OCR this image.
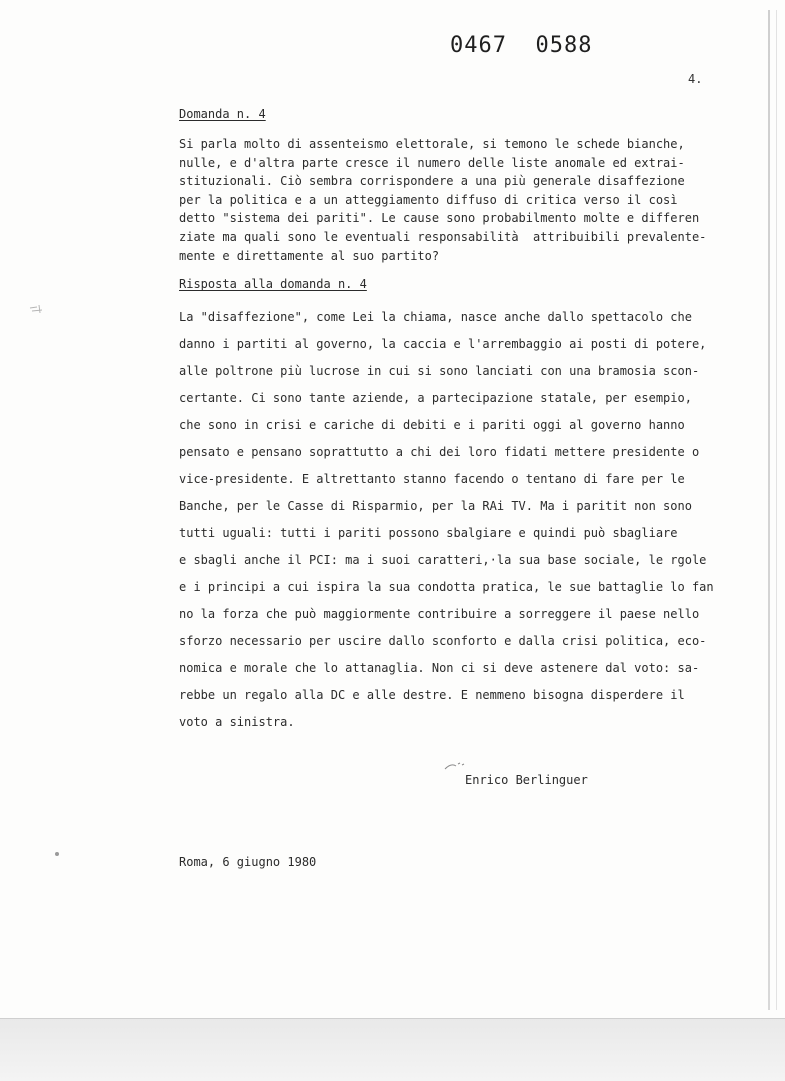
0467  0588
4.
Domanda n. 4
Si parla molto di assenteismo elettorale, si temono le schede bianche,
nulle, e d'altra parte cresce il numero delle liste anomale ed extrai-
stituzionali. Ciò sembra corrispondere a una più generale disaffezione
per la politica e a un atteggiamento diffuso di critica verso il così
detto "sistema dei pariti". Le cause sono probabilmento molte e differen
ziate ma quali sono le eventuali responsabilità  attribuibili prevalente-
mente e direttamente al suo partito?
Risposta alla domanda n. 4
La "disaffezione", come Lei la chiama, nasce anche dallo spettacolo che
danno i partiti al governo, la caccia e l'arrembaggio ai posti di potere,
alle poltrone più lucrose in cui si sono lanciati con una bramosia scon-
certante. Ci sono tante aziende, a partecipazione statale, per esempio,
che sono in crisi e cariche di debiti e i pariti oggi al governo hanno
pensato e pensano soprattutto a chi dei loro fidati mettere presidente o
vice-presidente. E altrettanto stanno facendo o tentano di fare per le
Banche, per le Casse di Risparmio, per la RAi TV. Ma i paritit non sono
tutti uguali: tutti i pariti possono sbalgiare e quindi può sbagliare
e sbagli anche il PCI: ma i suoi caratteri,·la sua base sociale, le rgole
e i principi a cui ispira la sua condotta pratica, le sue battaglie lo fan
no la forza che può maggiormente contribuire a sorreggere il paese nello
sforzo necessario per uscire dallo sconforto e dalla crisi politica, eco-
nomica e morale che lo attanaglia. Non ci si deve astenere dal voto: sa-
rebbe un regalo alla DC e alle destre. E nemmeno bisogna disperdere il
voto a sinistra.
Enrico Berlinguer
Roma, 6 giugno 1980
